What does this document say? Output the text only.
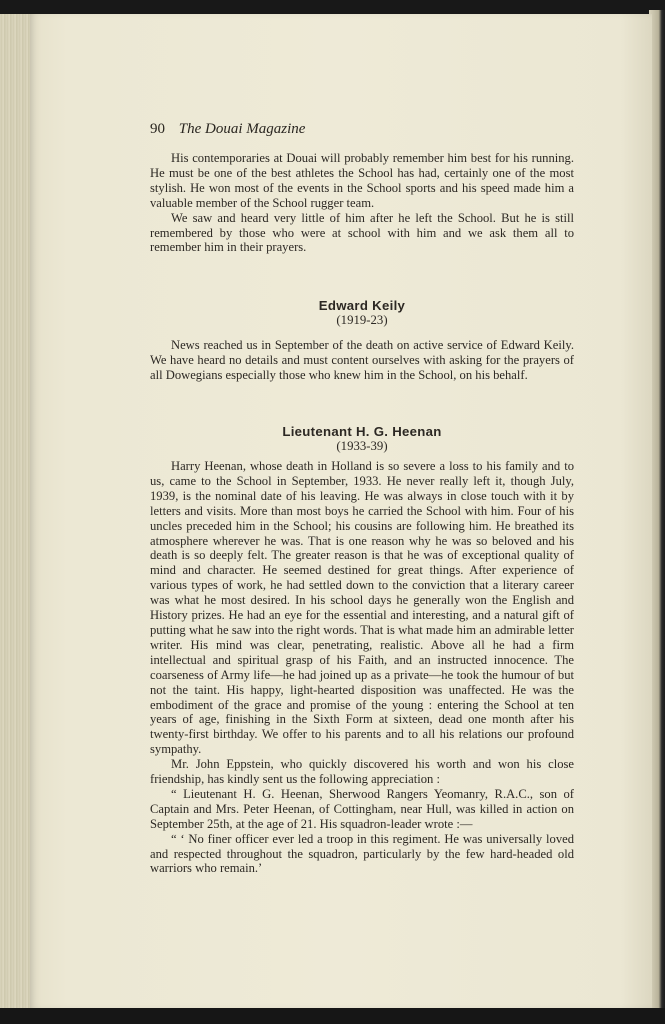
90 The Douai Magazine

His contemporaries at Douai will probably remember him best for his running. He must be one of the best athletes the School has had, certainly one of the most stylish. He won most of the events in the School sports and his speed made him a valuable member of the School rugger team.

We saw and heard very little of him after he left the School. But he is still remembered by those who were at school with him and we ask them all to remember him in their prayers.

Edward Keily
(1919-23)

News reached us in September of the death on active service of Edward Keily. We have heard no details and must content ourselves with asking for the prayers of all Dowegians especially those who knew him in the School, on his behalf.

Lieutenant H. G. Heenan
(1933-39)

Harry Heenan, whose death in Holland is so severe a loss to his family and to us, came to the School in September, 1933. He never really left it, though July, 1939, is the nominal date of his leaving. He was always in close touch with it by letters and visits. More than most boys he carried the School with him. Four of his uncles preceded him in the School; his cousins are following him. He breathed its atmosphere wherever he was. That is one reason why he was so beloved and his death is so deeply felt. The greater reason is that he was of exceptional quality of mind and character. He seemed destined for great things. After experience of various types of work, he had settled down to the conviction that a literary career was what he most desired. In his school days he generally won the English and History prizes. He had an eye for the essential and interesting, and a natural gift of putting what he saw into the right words. That is what made him an admirable letter writer. His mind was clear, penetrating, realistic. Above all he had a firm intellectual and spiritual grasp of his Faith, and an instructed innocence. The coarseness of Army life—he had joined up as a private—he took the humour of but not the taint. His happy, light-hearted disposition was unaffected. He was the embodiment of the grace and promise of the young : entering the School at ten years of age, finishing in the Sixth Form at sixteen, dead one month after his twenty-first birthday. We offer to his parents and to all his relations our profound sympathy.

Mr. John Eppstein, who quickly discovered his worth and won his close friendship, has kindly sent us the following appreciation :

“ Lieutenant H. G. Heenan, Sherwood Rangers Yeomanry, R.A.C., son of Captain and Mrs. Peter Heenan, of Cottingham, near Hull, was killed in action on September 25th, at the age of 21. His squadron-leader wrote :—

“ ‘ No finer officer ever led a troop in this regiment. He was universally loved and respected throughout the squadron, particularly by the few hard-headed old warriors who remain.’
